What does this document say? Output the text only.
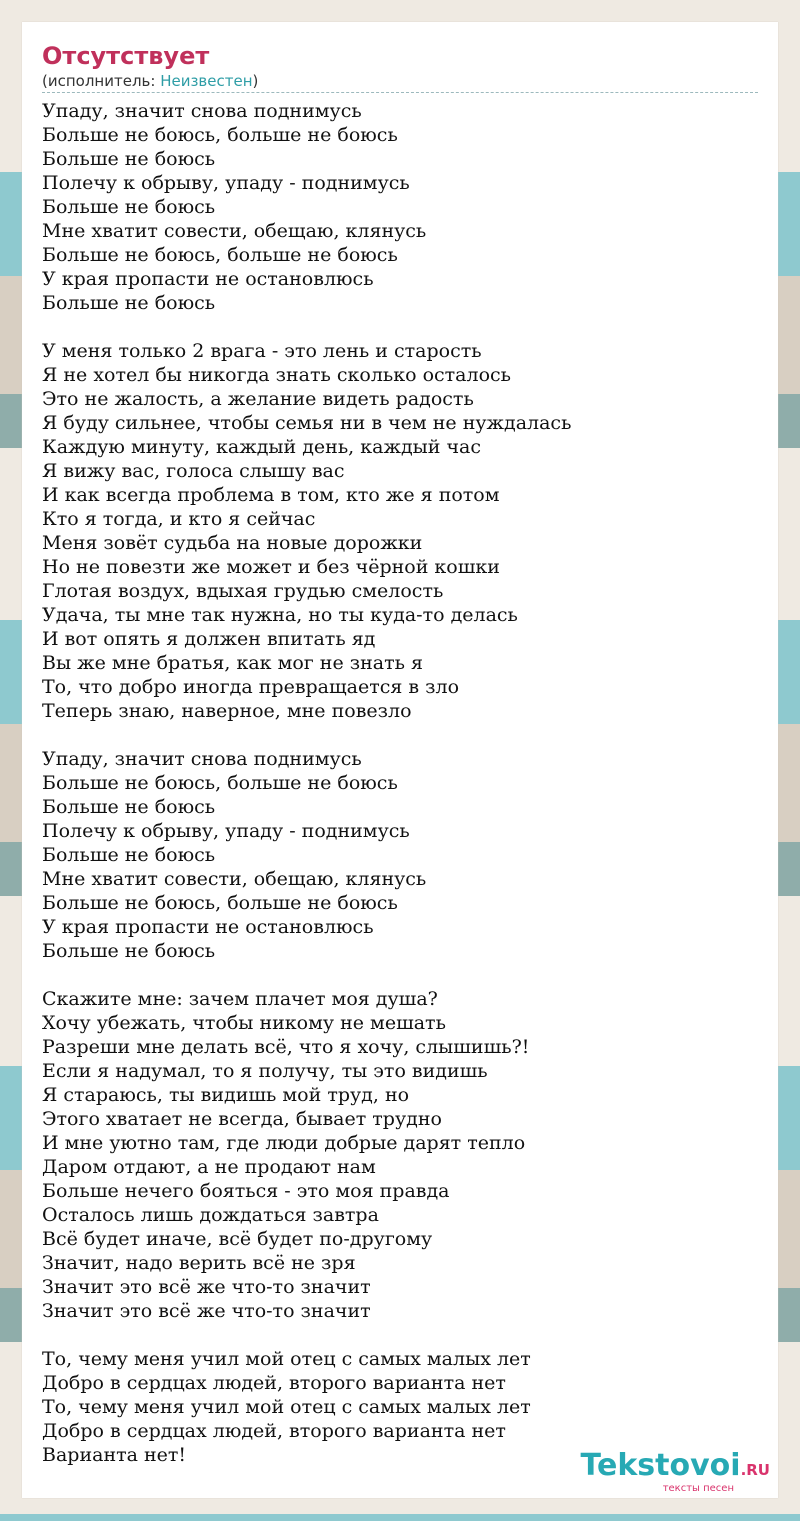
Отсутствует
(исполнитель: Неизвестен)
Упаду, значит снова поднимусь
Больше не боюсь, больше не боюсь
Больше не боюсь
Полечу к обрыву, упаду - поднимусь
Больше не боюсь
Мне хватит совести, обещаю, клянусь
Больше не боюсь, больше не боюсь
У края пропасти не остановлюсь
Больше не боюсь
У меня только 2 врага - это лень и старость
Я не хотел бы никогда знать сколько осталось
Это не жалость, а желание видеть радость
Я буду сильнее, чтобы семья ни в чем не нуждалась
Каждую минуту, каждый день, каждый час
Я вижу вас, голоса слышу вас
И как всегда проблема в том, кто же я потом
Кто я тогда, и кто я сейчас
Меня зовёт судьба на новые дорожки
Но не повезти же может и без чёрной кошки
Глотая воздух, вдыхая грудью смелость
Удача, ты мне так нужна, но ты куда-то делась
И вот опять я должен впитать яд
Вы же мне братья, как мог не знать я
То, что добро иногда превращается в зло
Теперь знаю, наверное, мне повезло
Упаду, значит снова поднимусь
Больше не боюсь, больше не боюсь
Больше не боюсь
Полечу к обрыву, упаду - поднимусь
Больше не боюсь
Мне хватит совести, обещаю, клянусь
Больше не боюсь, больше не боюсь
У края пропасти не остановлюсь
Больше не боюсь
Скажите мне: зачем плачет моя душа?
Хочу убежать, чтобы никому не мешать
Разреши мне делать всё, что я хочу, слышишь?!
Если я надумал, то я получу, ты это видишь
Я стараюсь, ты видишь мой труд, но
Этого хватает не всегда, бывает трудно
И мне уютно там, где люди добрые дарят тепло
Даром отдают, а не продают нам
Больше нечего бояться - это моя правда
Осталось лишь дождаться завтра
Всё будет иначе, всё будет по-другому
Значит, надо верить всё не зря
Значит это всё же что-то значит
Значит это всё же что-то значит
То, чему меня учил мой отец с самых малых лет
Добро в сердцах людей, второго варианта нет
То, чему меня учил мой отец с самых малых лет
Добро в сердцах людей, второго варианта нет
Варианта нет!	Tekstovoi.RU
тексты песен
